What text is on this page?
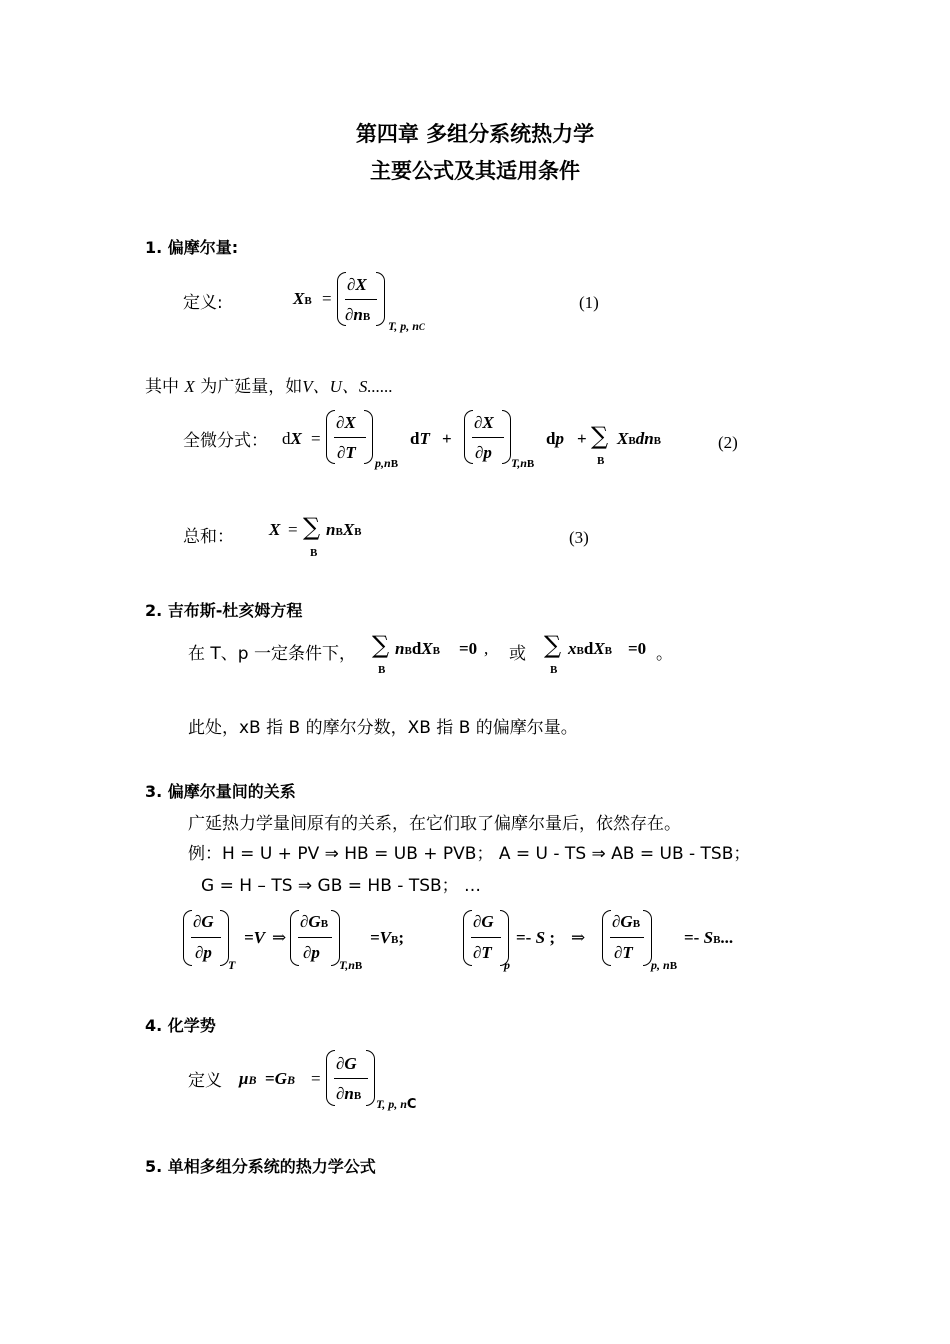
第四章 多组分系统热力学
主要公式及其适用条件
1. 偏摩尔量:
定义:	XB =
∂X
∂nB
T, p, nC
(1)
其中 X 为广延量，如V、U、S......
全微分式： dX =
∂X
∂T
p,nB
dT +
∂X
∂p
T,nB
dp + ∑
B
XBdnB	(2)
总和： X = ∑
B
nBXB	(3)
2. 吉布斯-杜亥姆方程
在 T、p 一定条件下， ∑
B
nBdXB =0 , 或 ∑
B
xBdXB =0 。
此处，xB 指 B 的摩尔分数，XB 指 B 的偏摩尔量。
3. 偏摩尔量间的关系
广延热力学量间原有的关系，在它们取了偏摩尔量后，依然存在。
例：H = U + PV ⇒ HB = UB + PVB； A = U - TS ⇒ AB = UB - TSB；
G = H – TS ⇒ GB = HB - TSB； …
∂G
∂p
T
=V ⇒
∂GB
∂p
T,nB
=VB;
∂G
∂T
p
=- S ; ⇒
∂GB
∂T
p, nB
=- SB...
4. 化学势
定义 μB =GB =
∂G
∂nB
T, p, nC
5. 单相多组分系统的热力学公式
